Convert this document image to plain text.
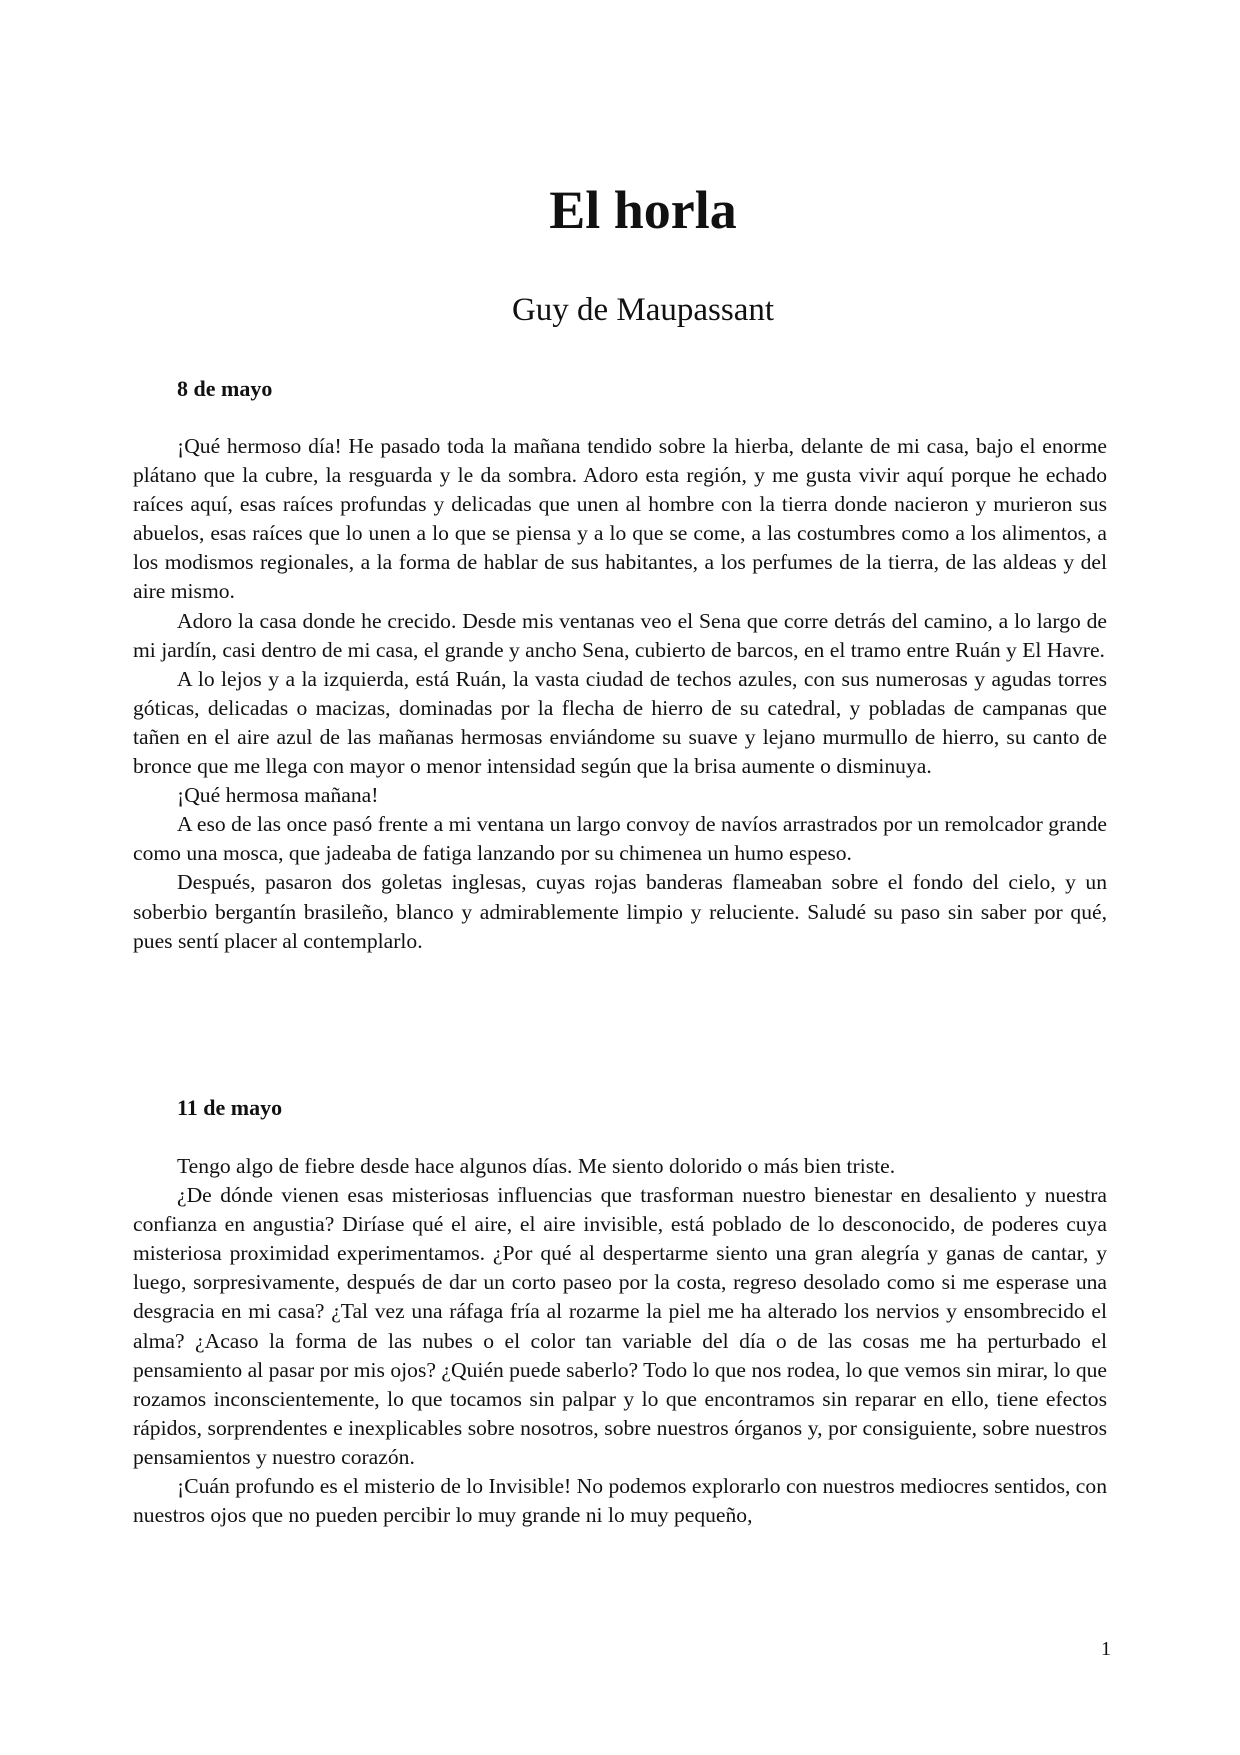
El horla
Guy de Maupassant
8 de mayo

¡Qué hermoso día! He pasado toda la mañana tendido sobre la hierba, delante de mi casa, bajo el enorme plátano que la cubre, la resguarda y le da sombra. Adoro esta región, y me gusta vivir aquí porque he echado raíces aquí, esas raíces profundas y delicadas que unen al hombre con la tierra donde nacieron y murieron sus abuelos, esas raíces que lo unen a lo que se piensa y a lo que se come, a las costumbres como a los alimentos, a los modismos regionales, a la forma de hablar de sus habitantes, a los perfumes de la tierra, de las aldeas y del aire mismo.

Adoro la casa donde he crecido. Desde mis ventanas veo el Sena que corre detrás del camino, a lo largo de mi jardín, casi dentro de mi casa, el grande y ancho Sena, cubierto de barcos, en el tramo entre Ruán y El Havre.

A lo lejos y a la izquierda, está Ruán, la vasta ciudad de techos azules, con sus numerosas y agudas torres góticas, delicadas o macizas, dominadas por la flecha de hierro de su catedral, y pobladas de campanas que tañen en el aire azul de las mañanas hermosas enviándome su suave y lejano murmullo de hierro, su canto de bronce que me llega con mayor o menor intensidad según que la brisa aumente o disminuya.

¡Qué hermosa mañana!

A eso de las once pasó frente a mi ventana un largo convoy de navíos arrastrados por un remolcador grande como una mosca, que jadeaba de fatiga lanzando por su chimenea un humo espeso.

Después, pasaron dos goletas inglesas, cuyas rojas banderas flameaban sobre el fondo del cielo, y un soberbio bergantín brasileño, blanco y admirablemente limpio y reluciente. Saludé su paso sin saber por qué, pues sentí placer al contemplarlo.

11 de mayo

Tengo algo de fiebre desde hace algunos días. Me siento dolorido o más bien triste.

¿De dónde vienen esas misteriosas influencias que trasforman nuestro bienestar en desaliento y nuestra confianza en angustia? Diríase qué el aire, el aire invisible, está poblado de lo desconocido, de poderes cuya misteriosa proximidad experimentamos. ¿Por qué al despertarme siento una gran alegría y ganas de cantar, y luego, sorpresivamente, después de dar un corto paseo por la costa, regreso desolado como si me esperase una desgracia en mi casa? ¿Tal vez una ráfaga fría al rozarme la piel me ha alterado los nervios y ensombrecido el alma? ¿Acaso la forma de las nubes o el color tan variable del día o de las cosas me ha perturbado el pensamiento al pasar por mis ojos? ¿Quién puede saberlo? Todo lo que nos rodea, lo que vemos sin mirar, lo que rozamos inconscientemente, lo que tocamos sin palpar y lo que encontramos sin reparar en ello, tiene efectos rápidos, sorprendentes e inexplicables sobre nosotros, sobre nuestros órganos y, por consiguiente, sobre nuestros pensamientos y nuestro corazón.

¡Cuán profundo es el misterio de lo Invisible! No podemos explorarlo con nuestros mediocres sentidos, con nuestros ojos que no pueden percibir lo muy grande ni lo muy pequeño,

1
